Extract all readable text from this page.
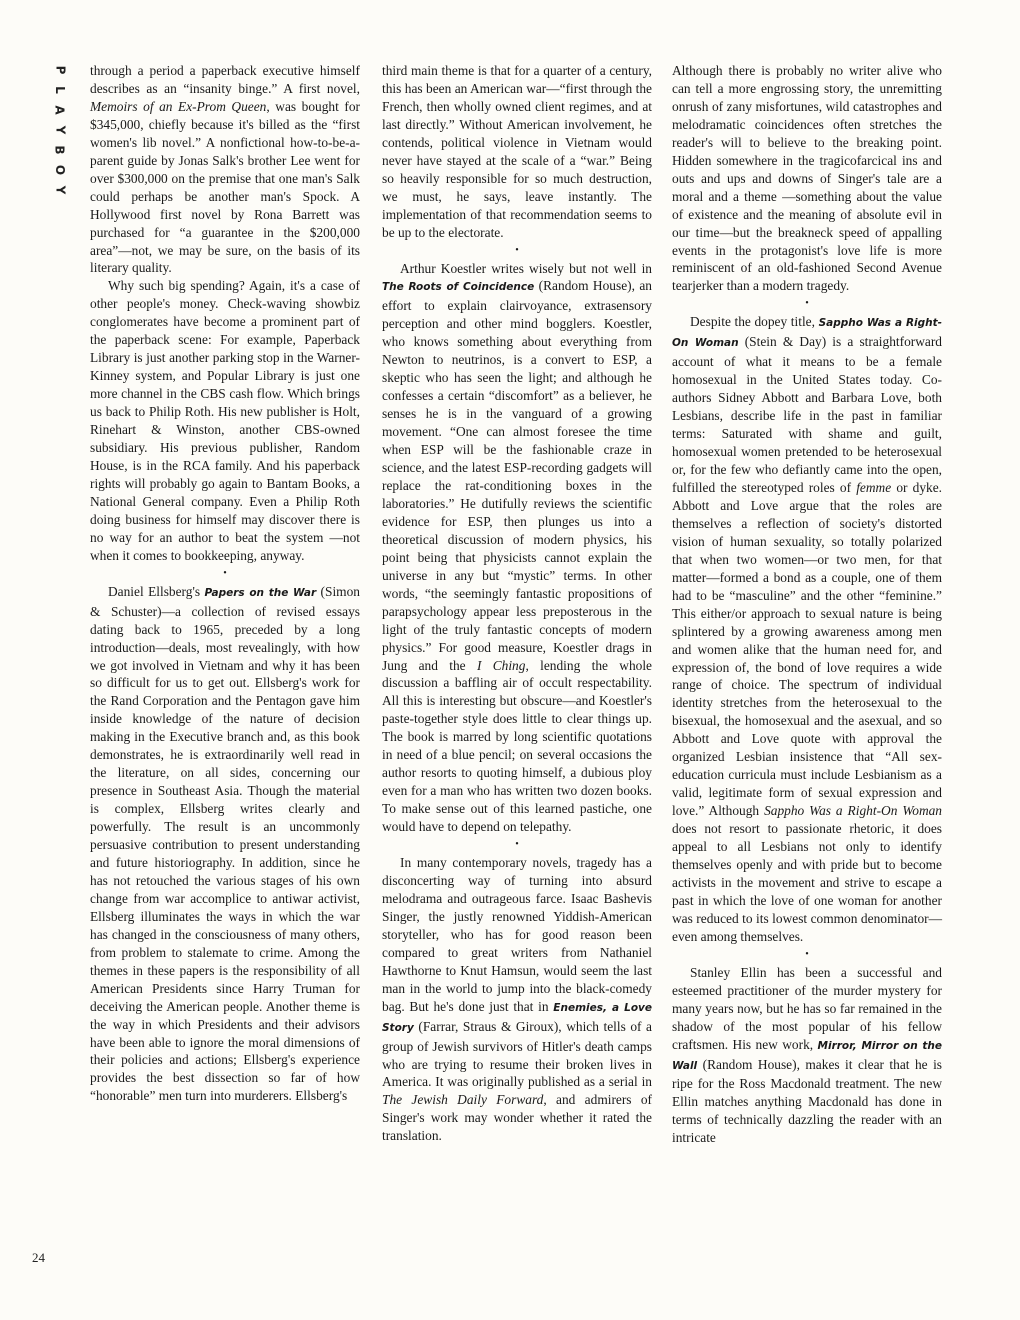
P
L
A
Y
B
O
Y

through a period a paperback executive himself describes as an “insanity binge.” A first novel, Memoirs of an Ex-Prom Queen, was bought for $345,000, chiefly because it's billed as the “first women's lib novel.” A nonfictional how-to-be-a-parent guide by Jonas Salk's brother Lee went for over $300,000 on the premise that one man's Salk could perhaps be another man's Spock. A Hollywood first novel by Rona Barrett was purchased for “a guarantee in the $200,000 area”—not, we may be sure, on the basis of its literary quality.

Why such big spending? Again, it's a case of other people's money. Check-waving showbiz conglomerates have become a prominent part of the paperback scene: For example, Paperback Library is just another parking stop in the Warner-Kinney system, and Popular Library is just one more channel in the CBS cash flow. Which brings us back to Philip Roth. His new publisher is Holt, Rinehart & Winston, another CBS-owned subsidiary. His previous publisher, Random House, is in the RCA family. And his paperback rights will probably go again to Bantam Books, a National General company. Even a Philip Roth doing business for himself may discover there is no way for an author to beat the system —not when it comes to bookkeeping, anyway.

•

Daniel Ellsberg's Papers on the War (Simon & Schuster)—a collection of revised essays dating back to 1965, preceded by a long introduction—deals, most revealingly, with how we got involved in Vietnam and why it has been so difficult for us to get out. Ellsberg's work for the Rand Corporation and the Pentagon gave him inside knowledge of the nature of decision making in the Executive branch and, as this book demonstrates, he is extraordinarily well read in the literature, on all sides, concerning our presence in Southeast Asia. Though the material is complex, Ellsberg writes clearly and powerfully. The result is an uncommonly persuasive contribution to present understanding and future historiography. In addition, since he has not retouched the various stages of his own change from war accomplice to antiwar activist, Ellsberg illuminates the ways in which the war has changed in the consciousness of many others, from problem to stalemate to crime. Among the themes in these papers is the responsibility of all American Presidents since Harry Truman for deceiving the American people. Another theme is the way in which Presidents and their advisors have been able to ignore the moral dimensions of their policies and actions; Ellsberg's experience provides the best dissection so far of how “honorable” men turn into murderers. Ellsberg's

third main theme is that for a quarter of a century, this has been an American war—“first through the French, then wholly owned client regimes, and at last directly.” Without American involvement, he contends, political violence in Vietnam would never have stayed at the scale of a “war.” Being so heavily responsible for so much destruction, we must, he says, leave instantly. The implementation of that recommendation seems to be up to the electorate.

•

Arthur Koestler writes wisely but not well in The Roots of Coincidence (Random House), an effort to explain clairvoyance, extrasensory perception and other mind bogglers. Koestler, who knows something about everything from Newton to neutrinos, is a convert to ESP, a skeptic who has seen the light; and although he confesses a certain “discomfort” as a believer, he senses he is in the vanguard of a growing movement. “One can almost foresee the time when ESP will be the fashionable craze in science, and the latest ESP-recording gadgets will replace the rat-conditioning boxes in the laboratories.” He dutifully reviews the scientific evidence for ESP, then plunges us into a theoretical discussion of modern physics, his point being that physicists cannot explain the universe in any but “mystic” terms. In other words, “the seemingly fantastic propositions of parapsychology appear less preposterous in the light of the truly fantastic concepts of modern physics.” For good measure, Koestler drags in Jung and the I Ching, lending the whole discussion a baffling air of occult respectability. All this is interesting but obscure—and Koestler's paste-together style does little to clear things up. The book is marred by long scientific quotations in need of a blue pencil; on several occasions the author resorts to quoting himself, a dubious ploy even for a man who has written two dozen books. To make sense out of this learned pastiche, one would have to depend on telepathy.

•

In many contemporary novels, tragedy has a disconcerting way of turning into absurd melodrama and outrageous farce. Isaac Bashevis Singer, the justly renowned Yiddish-American storyteller, who has for good reason been compared to great writers from Nathaniel Hawthorne to Knut Hamsun, would seem the last man in the world to jump into the black-comedy bag. But he's done just that in Enemies, a Love Story (Farrar, Straus & Giroux), which tells of a group of Jewish survivors of Hitler's death camps who are trying to resume their broken lives in America. It was originally published as a serial in The Jewish Daily Forward, and admirers of Singer's work may wonder whether it rated the translation.

Although there is probably no writer alive who can tell a more engrossing story, the unremitting onrush of zany misfortunes, wild catastrophes and melodramatic coincidences often stretches the reader's will to believe to the breaking point. Hidden somewhere in the tragicofarcical ins and outs and ups and downs of Singer's tale are a moral and a theme —something about the value of existence and the meaning of absolute evil in our time—but the breakneck speed of appalling events in the protagonist's love life is more reminiscent of an old-fashioned Second Avenue tearjerker than a modern tragedy.

•

Despite the dopey title, Sappho Was a Right-On Woman (Stein & Day) is a straightforward account of what it means to be a female homosexual in the United States today. Co-authors Sidney Abbott and Barbara Love, both Lesbians, describe life in the past in familiar terms: Saturated with shame and guilt, homosexual women pretended to be heterosexual or, for the few who defiantly came into the open, fulfilled the stereotyped roles of femme or dyke. Abbott and Love argue that the roles are themselves a reflection of society's distorted vision of human sexuality, so totally polarized that when two women—or two men, for that matter—formed a bond as a couple, one of them had to be “masculine” and the other “feminine.” This either/or approach to sexual nature is being splintered by a growing awareness among men and women alike that the human need for, and expression of, the bond of love requires a wide range of choice. The spectrum of individual identity stretches from the heterosexual to the bisexual, the homosexual and the asexual, and so Abbott and Love quote with approval the organized Lesbian insistence that “All sex-education curricula must include Lesbianism as a valid, legitimate form of sexual expression and love.” Although Sappho Was a Right-On Woman does not resort to passionate rhetoric, it does appeal to all Lesbians not only to identify themselves openly and with pride but to become activists in the movement and strive to escape a past in which the love of one woman for another was reduced to its lowest common denominator—even among themselves.

•

Stanley Ellin has been a successful and esteemed practitioner of the murder mystery for many years now, but he has so far remained in the shadow of the most popular of his fellow craftsmen. His new work, Mirror, Mirror on the Wall (Random House), makes it clear that he is ripe for the Ross Macdonald treatment. The new Ellin matches anything Macdonald has done in terms of technically dazzling the reader with an intricate

24
